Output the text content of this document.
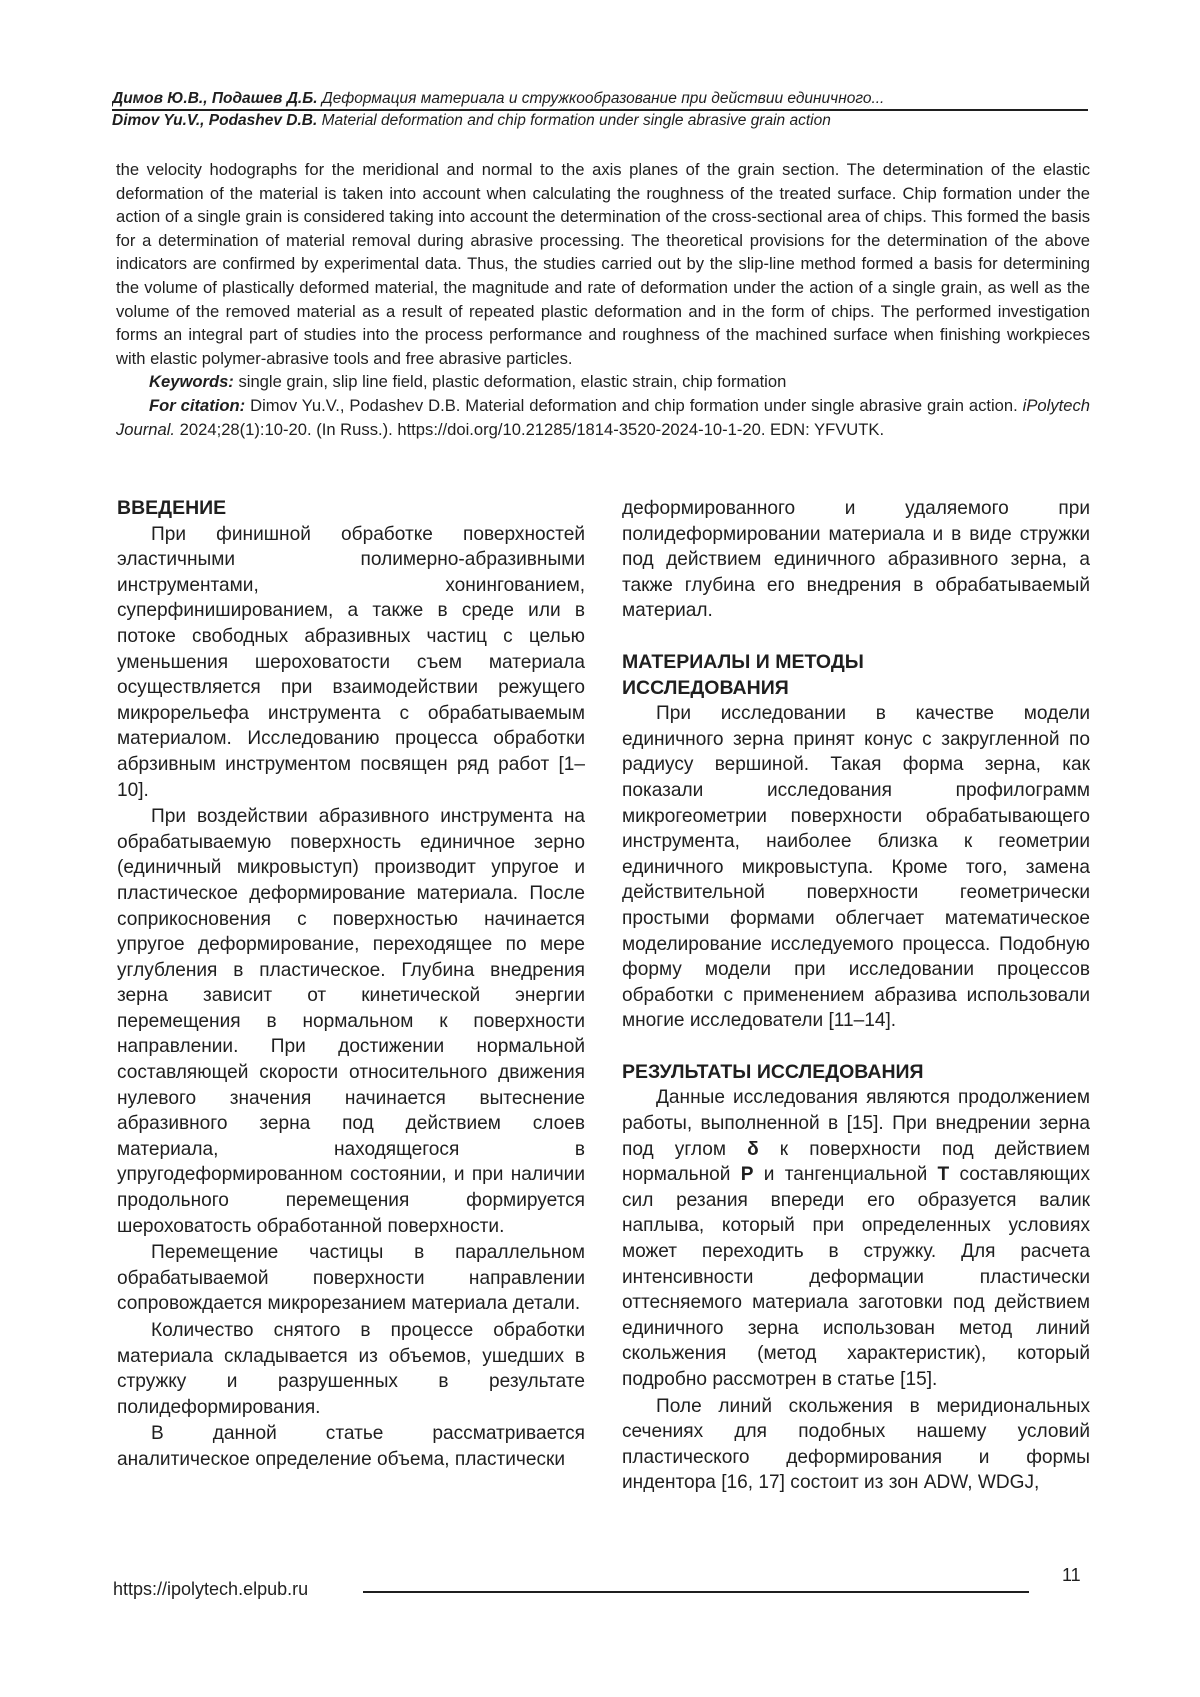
Димов Ю.В., Подашев Д.Б. Деформация материала и стружкообразование при действии единичного...
Dimov Yu.V., Podashev D.B. Material deformation and chip formation under single abrasive grain action

the velocity hodographs for the meridional and normal to the axis planes of the grain section. The determination of the elastic deformation of the material is taken into account when calculating the roughness of the treated surface. Chip formation under the action of a single grain is considered taking into account the determination of the cross-sectional area of chips. This formed the basis for a determination of material removal during abrasive processing. The theoretical provisions for the determination of the above indicators are confirmed by experimental data. Thus, the studies carried out by the slip-line method formed a basis for determining the volume of plastically deformed material, the magnitude and rate of deformation under the action of a single grain, as well as the volume of the removed material as a result of repeated plastic deformation and in the form of chips. The performed investigation forms an integral part of studies into the process performance and roughness of the machined surface when finishing workpieces with elastic polymer-abrasive tools and free abrasive particles.

Keywords: single grain, slip line field, plastic deformation, elastic strain, chip formation

For citation: Dimov Yu.V., Podashev D.B. Material deformation and chip formation under single abrasive grain action. iPolytech Journal. 2024;28(1):10-20. (In Russ.). https://doi.org/10.21285/1814-3520-2024-10-1-20. EDN: YFVUTK.

ВВЕДЕНИЕ

При финишной обработке поверхностей эластичными полимерно-абразивными инструментами, хонингованием, суперфинишированием, а также в среде или в потоке свободных абразивных частиц с целью уменьшения шероховатости съем материала осуществляется при взаимодействии режущего микрорельефа инструмента с обрабатываемым материалом. Исследованию процесса обработки абрзивным инструментом посвящен ряд работ [1–10].

При воздействии абразивного инструмента на обрабатываемую поверхность единичное зерно (единичный микровыступ) производит упругое и пластическое деформирование материала. После соприкосновения с поверхностью начинается упругое деформирование, переходящее по мере углубления в пластическое. Глубина внедрения зерна зависит от кинетической энергии перемещения в нормальном к поверхности направлении. При достижении нормальной составляющей скорости относительного движения нулевого значения начинается вытеснение абразивного зерна под действием слоев материала, находящегося в упругодеформированном состоянии, и при наличии продольного перемещения формируется шероховатость обработанной поверхности.

Перемещение частицы в параллельном обрабатываемой поверхности направлении сопровождается микрорезанием материала детали.

Количество снятого в процессе обработки материала складывается из объемов, ушедших в стружку и разрушенных в результате полидеформирования.

В данной статье рассматривается аналитическое определение объема, пластически

деформированного и удаляемого при полидеформировании материала и в виде стружки под действием единичного абразивного зерна, а также глубина его внедрения в обрабатываемый материал.

МАТЕРИАЛЫ И МЕТОДЫ
ИССЛЕДОВАНИЯ

При исследовании в качестве модели единичного зерна принят конус с закругленной по радиусу вершиной. Такая форма зерна, как показали исследования профилограмм микрогеометрии поверхности обрабатывающего инструмента, наиболее близка к геометрии единичного микровыступа. Кроме того, замена действительной поверхности геометрически простыми формами облегчает математическое моделирование исследуемого процесса. Подобную форму модели при исследовании процессов обработки с применением абразива использовали многие исследователи [11–14].

РЕЗУЛЬТАТЫ ИССЛЕДОВАНИЯ

Данные исследования являются продолжением работы, выполненной в [15]. При внедрении зерна под углом δ к поверхности под действием нормальной P и тангенциальной T составляющих сил резания впереди его образуется валик наплыва, который при определенных условиях может переходить в стружку. Для расчета интенсивности деформации пластически оттесняемого материала заготовки под действием единичного зерна использован метод линий скольжения (метод характеристик), который подробно рассмотрен в статье [15].

Поле линий скольжения в меридиональных сечениях для подобных нашему условий пластического деформирования и формы индентора [16, 17] состоит из зон ADW, WDGJ,

https://ipolytech.elpub.ru
11
